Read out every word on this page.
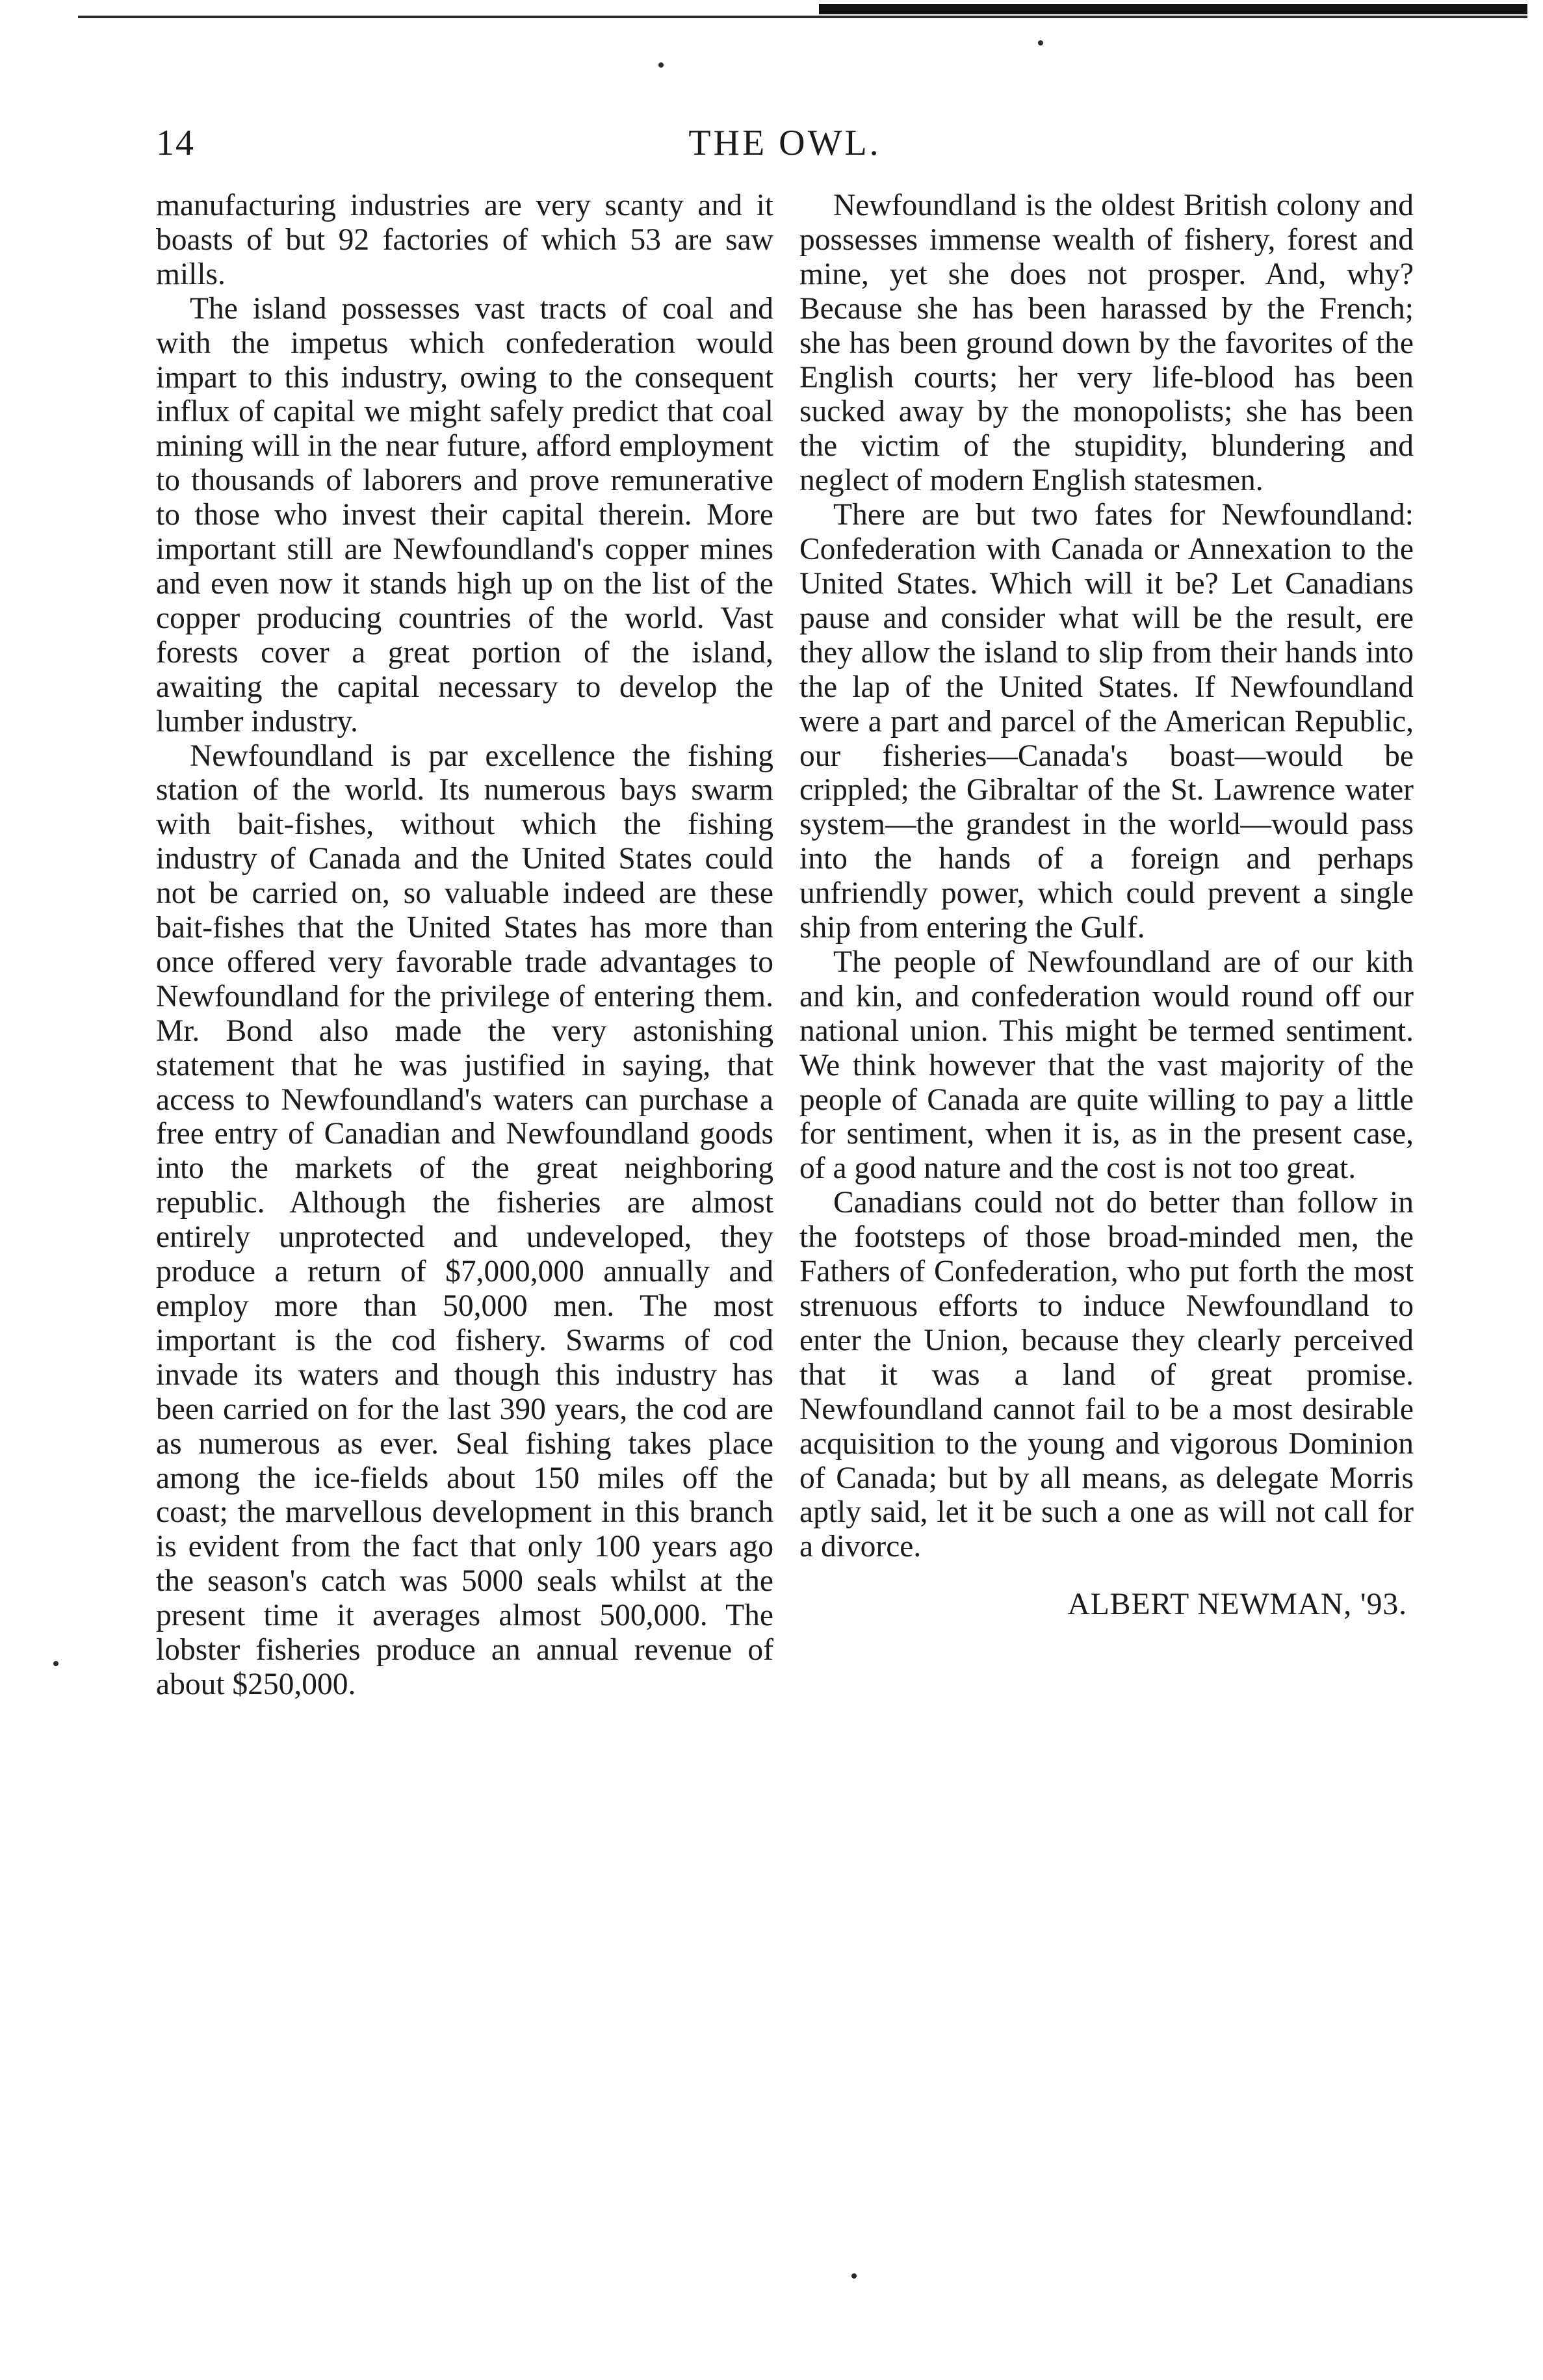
14	THE OWL.

manufacturing industries are very scanty and it boasts of but 92 factories of which 53 are saw mills.

The island possesses vast tracts of coal and with the impetus which confederation would impart to this industry, owing to the consequent influx of capital we might safely predict that coal mining will in the near future, afford employment to thousands of laborers and prove remunerative to those who invest their capital therein. More important still are Newfoundland's copper mines and even now it stands high up on the list of the copper producing countries of the world. Vast forests cover a great portion of the island, awaiting the capital necessary to develop the lumber industry.

Newfoundland is par excellence the fishing station of the world. Its numerous bays swarm with bait-fishes, without which the fishing industry of Canada and the United States could not be carried on, so valuable indeed are these bait-fishes that the United States has more than once offered very favorable trade advantages to Newfoundland for the privilege of entering them. Mr. Bond also made the very astonishing statement that he was justified in saying, that access to Newfoundland's waters can purchase a free entry of Canadian and Newfoundland goods into the markets of the great neighboring republic. Although the fisheries are almost entirely unprotected and undeveloped, they produce a return of $7,000,000 annually and employ more than 50,000 men. The most important is the cod fishery. Swarms of cod invade its waters and though this industry has been carried on for the last 390 years, the cod are as numerous as ever. Seal fishing takes place among the ice-fields about 150 miles off the coast; the marvellous development in this branch is evident from the fact that only 100 years ago the season's catch was 5000 seals whilst at the present time it averages almost 500,000. The lobster fisheries produce an annual revenue of about $250,000.

Newfoundland is the oldest British colony and possesses immense wealth of fishery, forest and mine, yet she does not prosper. And, why? Because she has been harassed by the French; she has been ground down by the favorites of the English courts; her very life-blood has been sucked away by the monopolists; she has been the victim of the stupidity, blundering and neglect of modern English statesmen.

There are but two fates for Newfoundland: Confederation with Canada or Annexation to the United States. Which will it be? Let Canadians pause and consider what will be the result, ere they allow the island to slip from their hands into the lap of the United States. If Newfoundland were a part and parcel of the American Republic, our fisheries—Canada's boast—would be crippled; the Gibraltar of the St. Lawrence water system—the grandest in the world—would pass into the hands of a foreign and perhaps unfriendly power, which could prevent a single ship from entering the Gulf.

The people of Newfoundland are of our kith and kin, and confederation would round off our national union. This might be termed sentiment. We think however that the vast majority of the people of Canada are quite willing to pay a little for sentiment, when it is, as in the present case, of a good nature and the cost is not too great.

Canadians could not do better than follow in the footsteps of those broad-minded men, the Fathers of Confederation, who put forth the most strenuous efforts to induce Newfoundland to enter the Union, because they clearly perceived that it was a land of great promise. Newfoundland cannot fail to be a most desirable acquisition to the young and vigorous Dominion of Canada; but by all means, as delegate Morris aptly said, let it be such a one as will not call for a divorce.

ALBERT NEWMAN, '93.
